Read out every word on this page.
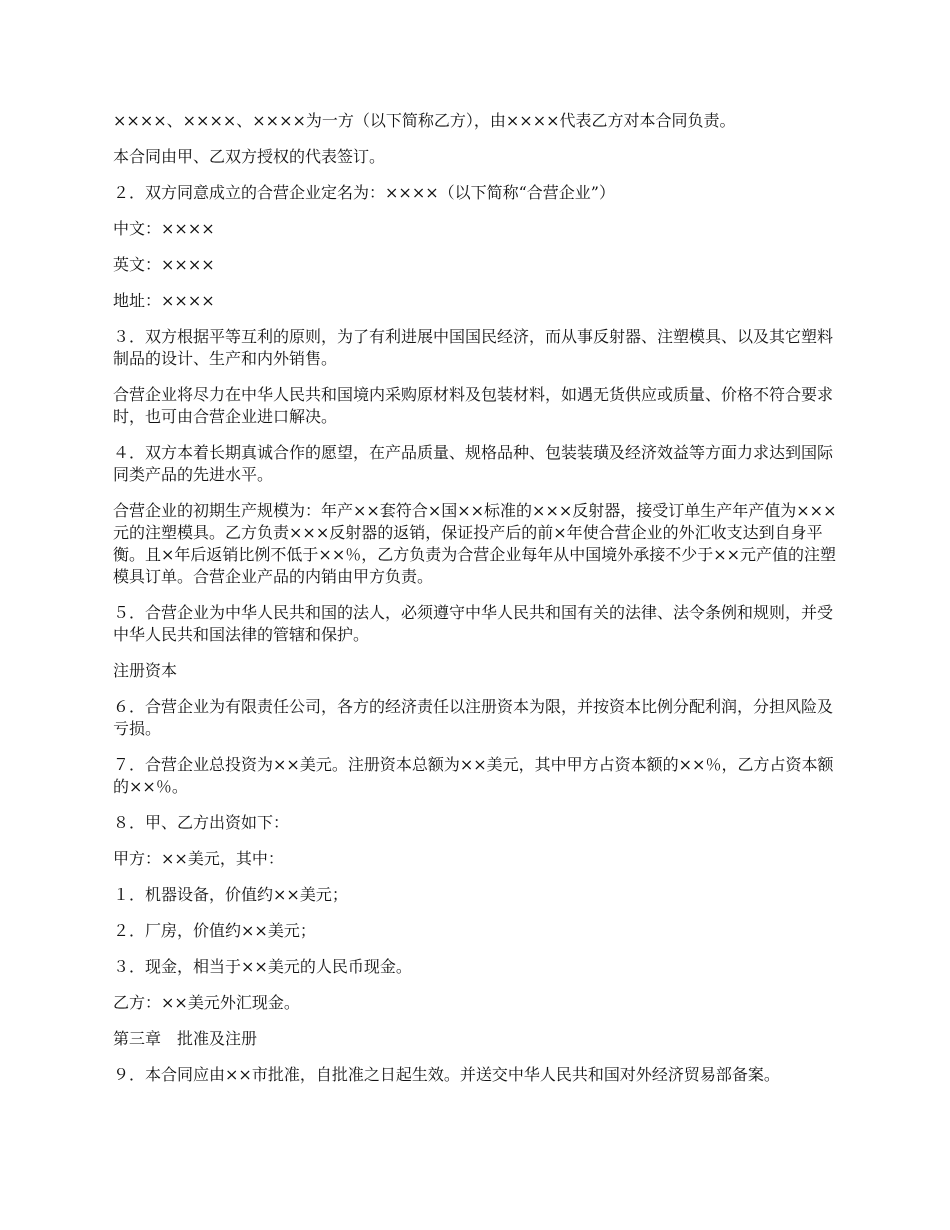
××××、××××、××××为一方（以下简称乙方），由××××代表乙方对本合同负责。

本合同由甲、乙双方授权的代表签订。

２．双方同意成立的合营企业定名为：××××（以下简称“合营企业”）

中文：××××

英文：××××

地址：××××

３．双方根据平等互利的原则，为了有利进展中国国民经济，而从事反射器、注塑模具、以及其它塑料制品的设计、生产和内外销售。

合营企业将尽力在中华人民共和国境内采购原材料及包装材料，如遇无货供应或质量、价格不符合要求时，也可由合营企业进口解决。

４．双方本着长期真诚合作的愿望，在产品质量、规格品种、包装装璜及经济效益等方面力求达到国际同类产品的先进水平。

合营企业的初期生产规模为：年产××套符合×国××标准的×××反射器，接受订单生产年产值为×××元的注塑模具。乙方负责×××反射器的返销，保证投产后的前×年使合营企业的外汇收支达到自身平衡。且×年后返销比例不低于××％，乙方负责为合营企业每年从中国境外承接不少于××元产值的注塑模具订单。合营企业产品的内销由甲方负责。

５．合营企业为中华人民共和国的法人，必须遵守中华人民共和国有关的法律、法令条例和规则，并受中华人民共和国法律的管辖和保护。

注册资本

６．合营企业为有限责任公司，各方的经济责任以注册资本为限，并按资本比例分配利润，分担风险及亏损。

７．合营企业总投资为××美元。注册资本总额为××美元，其中甲方占资本额的××％，乙方占资本额的××％。

８．甲、乙方出资如下：

甲方：××美元，其中：

１．机器设备，价值约××美元；

２．厂房，价值约××美元；

３．现金，相当于××美元的人民币现金。

乙方：××美元外汇现金。

第三章　批准及注册

９．本合同应由××市批准，自批准之日起生效。并送交中华人民共和国对外经济贸易部备案。
